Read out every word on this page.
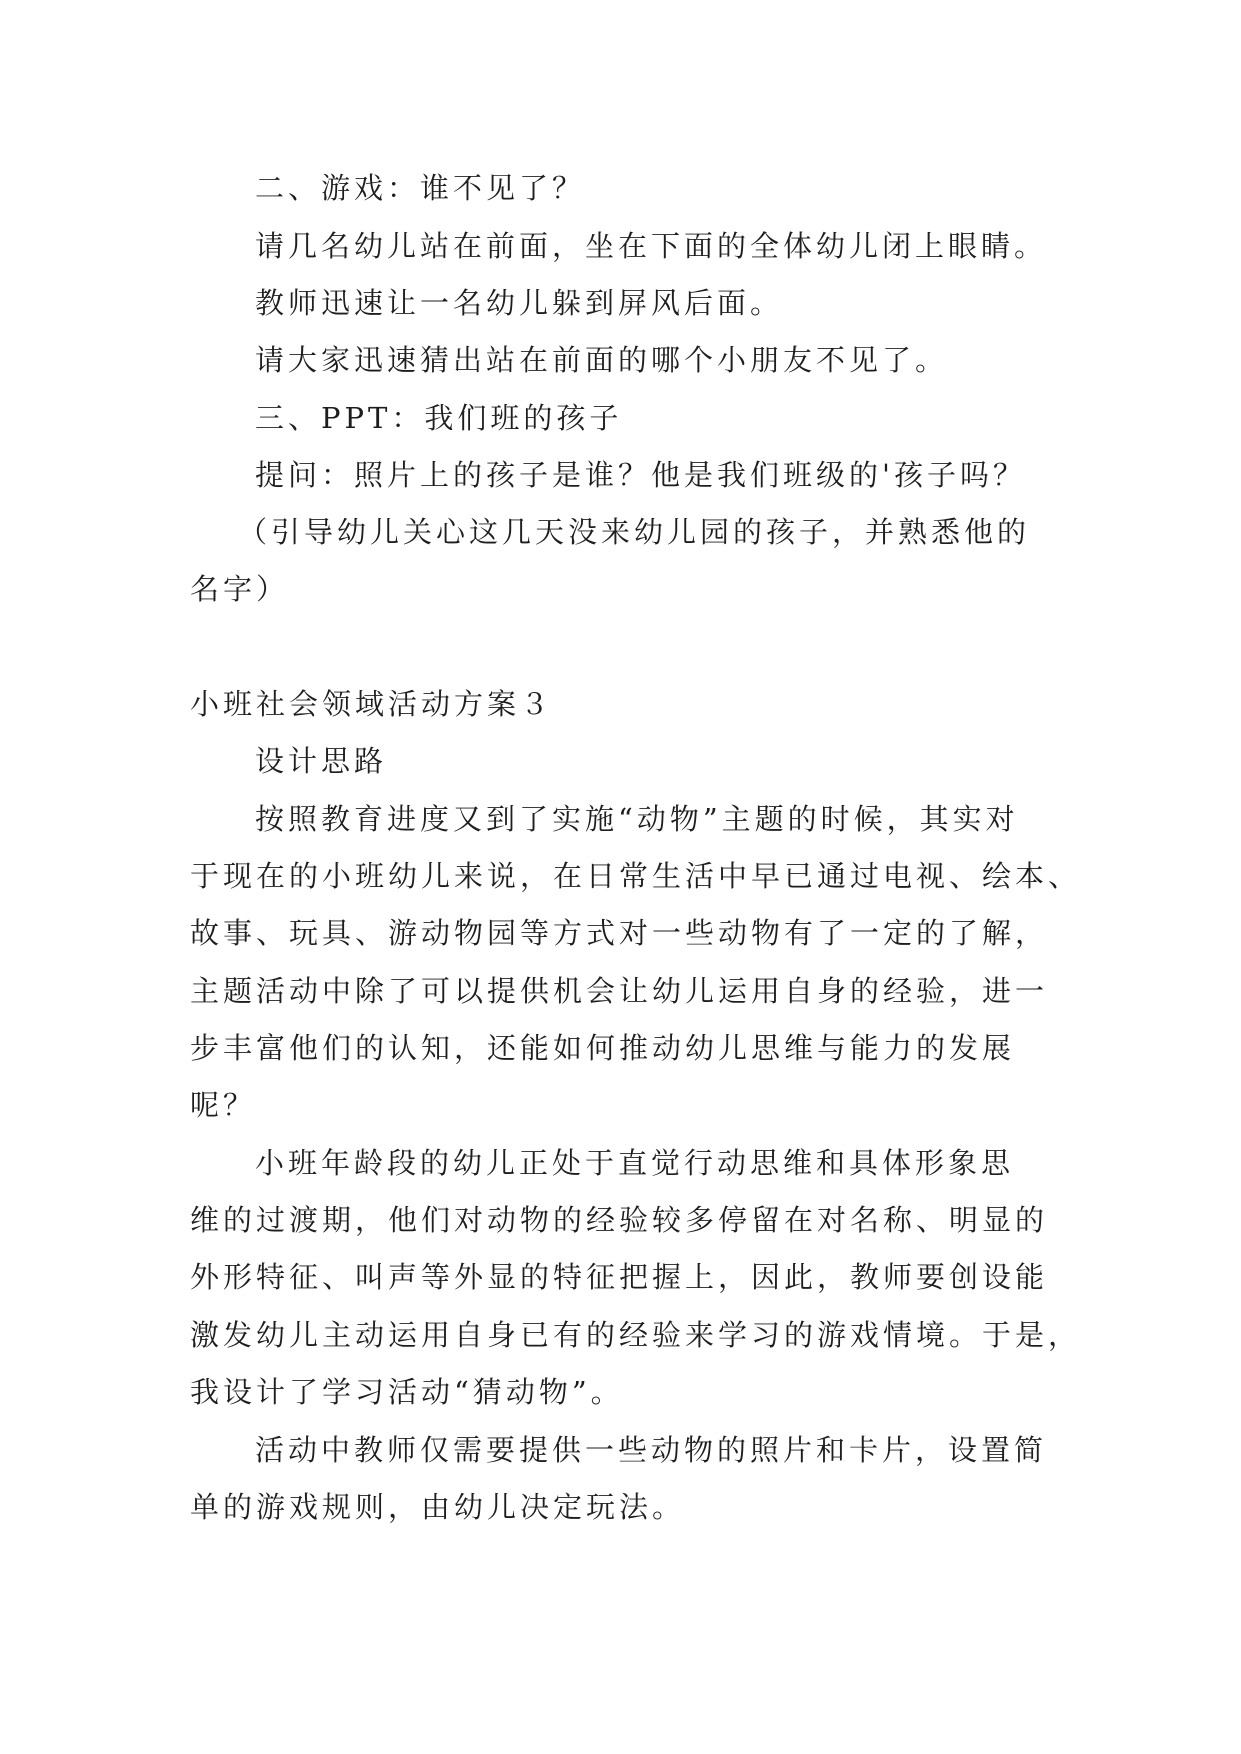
二、游戏：谁不见了？
请几名幼儿站在前面，坐在下面的全体幼儿闭上眼睛。
教师迅速让一名幼儿躲到屏风后面。
请大家迅速猜出站在前面的哪个小朋友不见了。
三、PPT：我们班的孩子
提问：照片上的孩子是谁？他是我们班级的'孩子吗？
（引导幼儿关心这几天没来幼儿园的孩子，并熟悉他的
名字）
小班社会领域活动方案３
设计思路
按照教育进度又到了实施“动物”主题的时候，其实对
于现在的小班幼儿来说，在日常生活中早已通过电视、绘本、
故事、玩具、游动物园等方式对一些动物有了一定的了解，
主题活动中除了可以提供机会让幼儿运用自身的经验，进一
步丰富他们的认知，还能如何推动幼儿思维与能力的发展
呢？
小班年龄段的幼儿正处于直觉行动思维和具体形象思
维的过渡期，他们对动物的经验较多停留在对名称、明显的
外形特征、叫声等外显的特征把握上，因此，教师要创设能
激发幼儿主动运用自身已有的经验来学习的游戏情境。于是，
我设计了学习活动“猜动物”。
活动中教师仅需要提供一些动物的照片和卡片，设置简
单的游戏规则，由幼儿决定玩法。
